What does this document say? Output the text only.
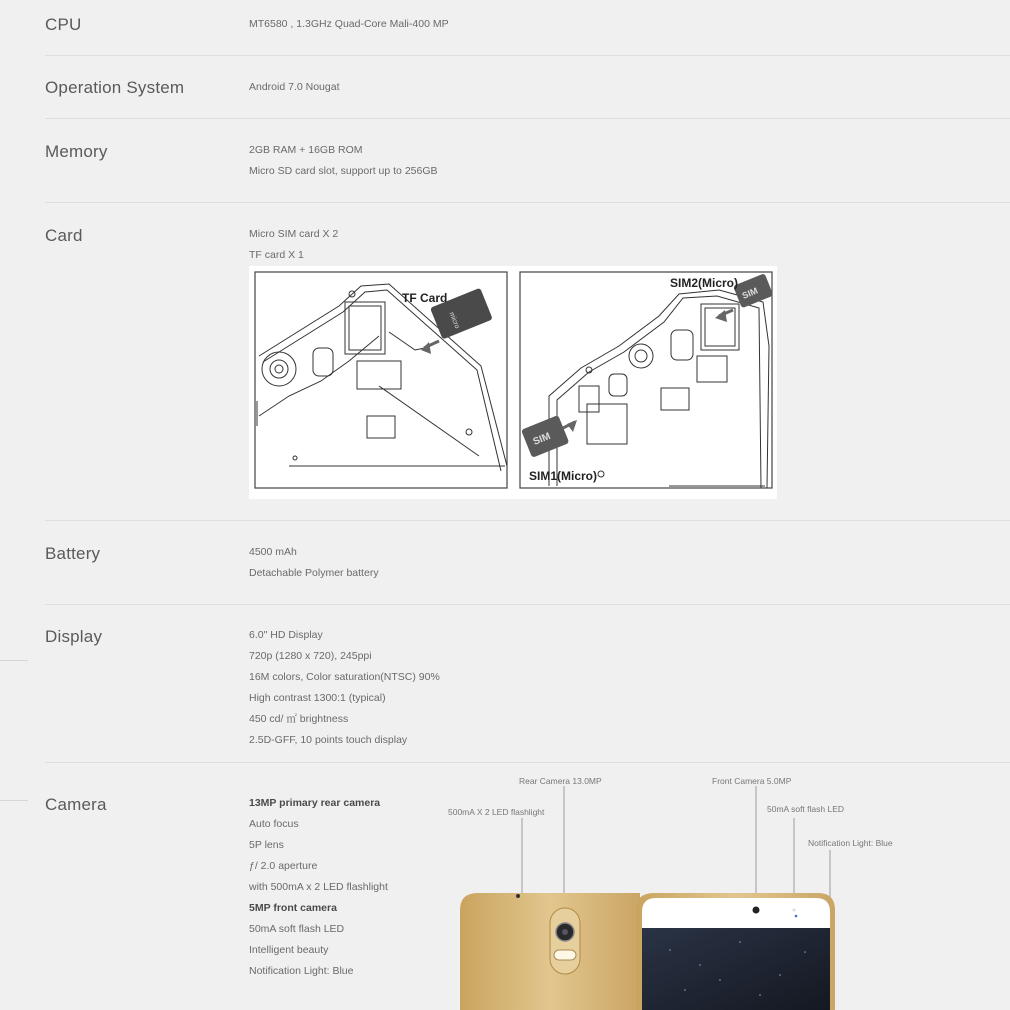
CPU	MT6580 , 1.3GHz Quad-Core Mali-400 MP
Operation System	Android 7.0 Nougat
Memory	2GB RAM + 16GB ROM
Micro SD card slot, support up to 256GB
Card	Micro SIM card X 2
TF card X 1
micro
TF Card	SIM
SIM2(Micro)
SIM
SIM1(Micro)
Battery	4500 mAh
Detachable Polymer battery
Display	6.0" HD Display
720p (1280 x 720), 245ppi
16M colors, Color saturation(NTSC) 90%
High contrast 1300:1 (typical)
450 cd/ ㎡ brightness
2.5D-GFF, 10 points touch display
Camera	13MP primary rear camera
Auto focus
5P lens
ƒ/ 2.0 aperture
with 500mA x 2 LED flashlight
5MP front camera
50mA soft flash LED
Intelligent beauty
Notification Light: Blue
Rear Camera 13.0MP
500mA X 2 LED flashlight
Front Camera 5.0MP
50mA soft flash LED
Notification Light: Blue
